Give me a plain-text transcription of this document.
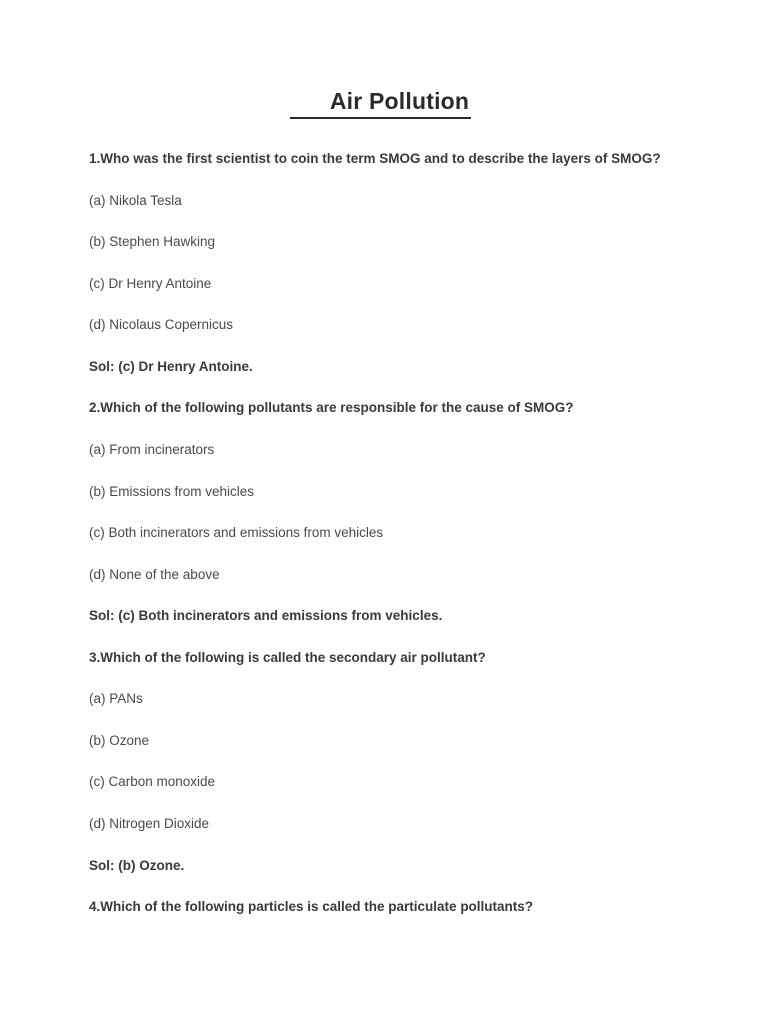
Air Pollution

1.Who was the first scientist to coin the term SMOG and to describe the layers of SMOG?

(a) Nikola Tesla

(b) Stephen Hawking

(c) Dr Henry Antoine

(d) Nicolaus Copernicus

Sol: (c) Dr Henry Antoine.

2.Which of the following pollutants are responsible for the cause of SMOG?

(a) From incinerators

(b) Emissions from vehicles

(c) Both incinerators and emissions from vehicles

(d) None of the above

Sol: (c) Both incinerators and emissions from vehicles.

3.Which of the following is called the secondary air pollutant?

(a) PANs

(b) Ozone

(c) Carbon monoxide

(d) Nitrogen Dioxide

Sol: (b) Ozone.

4.Which of the following particles is called the particulate pollutants?
